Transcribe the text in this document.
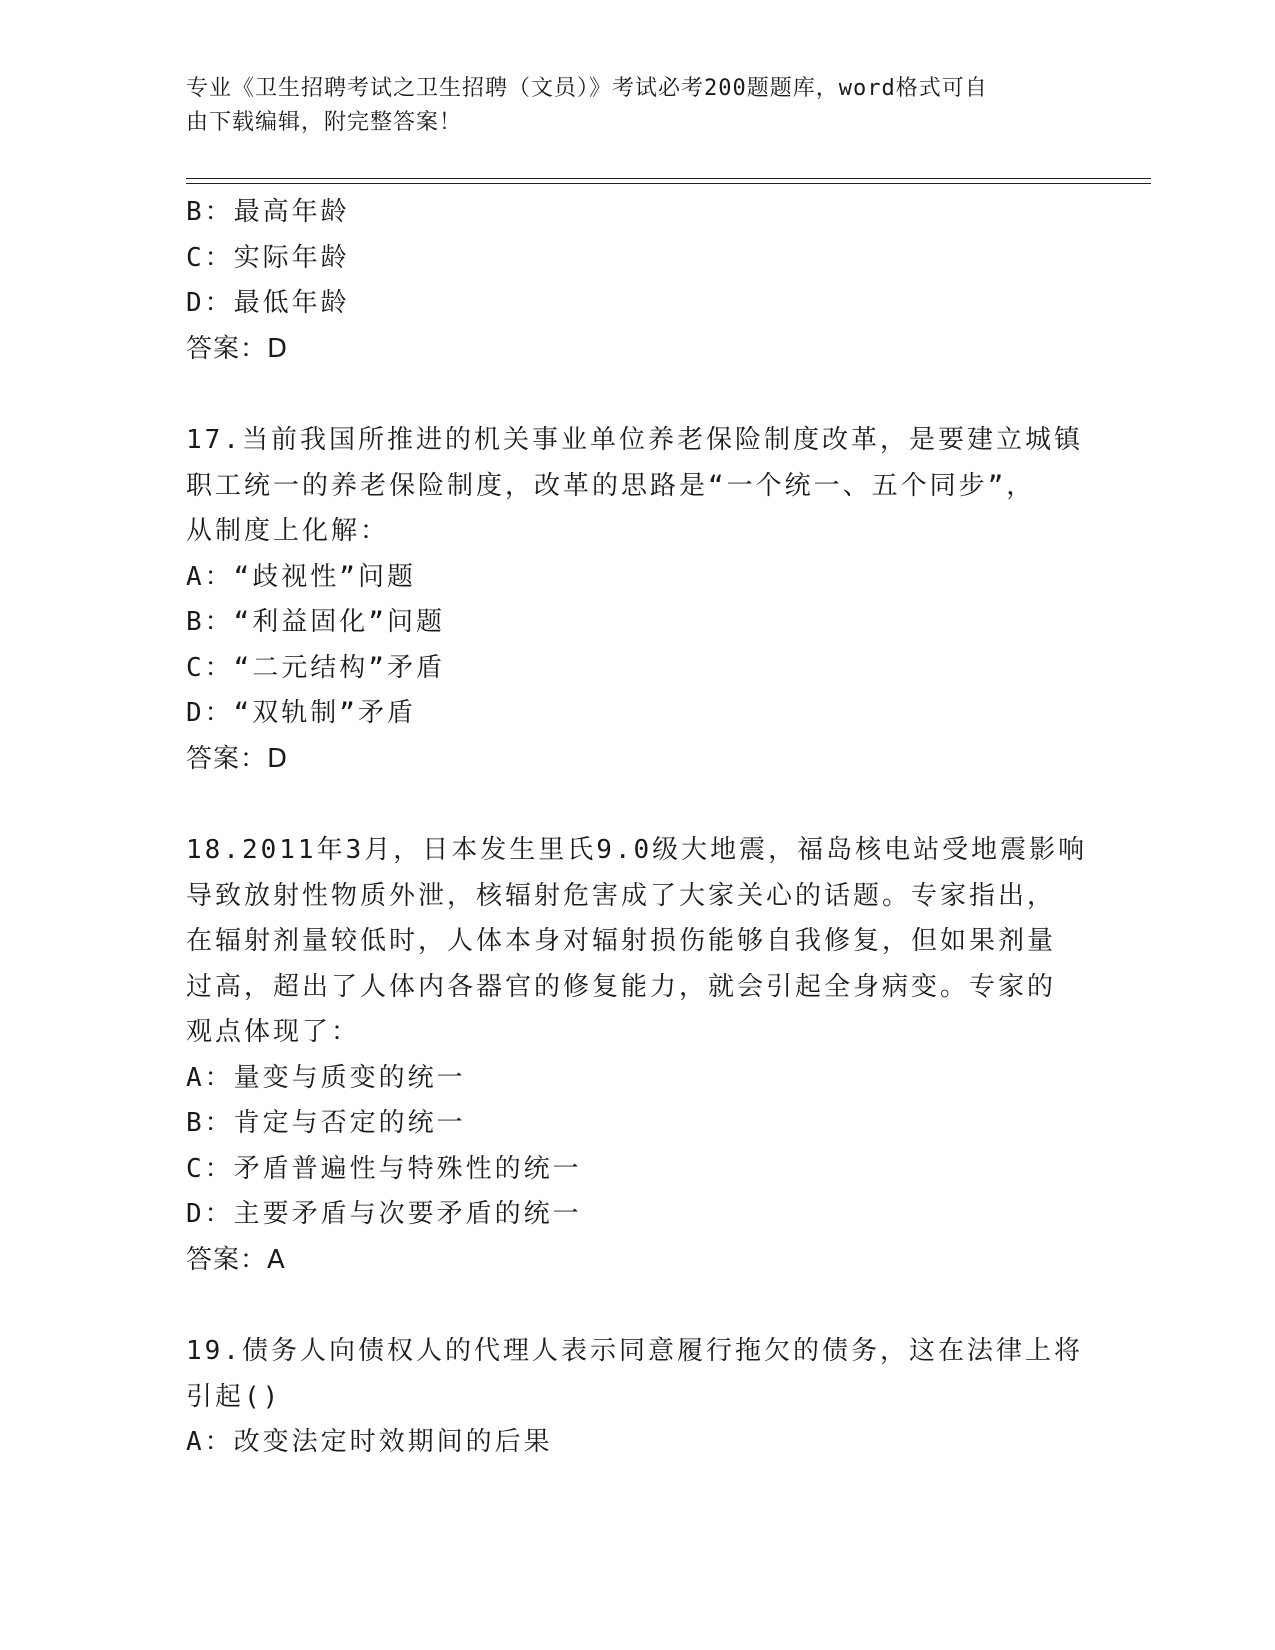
专业《卫生招聘考试之卫生招聘（文员）》考试必考200题题库，word格式可自
由下载编辑，附完整答案！
B：最高年龄
C：实际年龄
D：最低年龄
答案：D
17.当前我国所推进的机关事业单位养老保险制度改革，是要建立城镇
职工统一的养老保险制度，改革的思路是“一个统一、五个同步”，
从制度上化解：
A：“歧视性”问题
B：“利益固化”问题
C：“二元结构”矛盾
D：“双轨制”矛盾
答案：D
18.2011年3月，日本发生里氏9.0级大地震，福岛核电站受地震影响
导致放射性物质外泄，核辐射危害成了大家关心的话题。专家指出，
在辐射剂量较低时，人体本身对辐射损伤能够自我修复，但如果剂量
过高，超出了人体内各器官的修复能力，就会引起全身病变。专家的
观点体现了：
A：量变与质变的统一
B：肯定与否定的统一
C：矛盾普遍性与特殊性的统一
D：主要矛盾与次要矛盾的统一
答案：A
19.债务人向债权人的代理人表示同意履行拖欠的债务，这在法律上将
引起()
A：改变法定时效期间的后果
